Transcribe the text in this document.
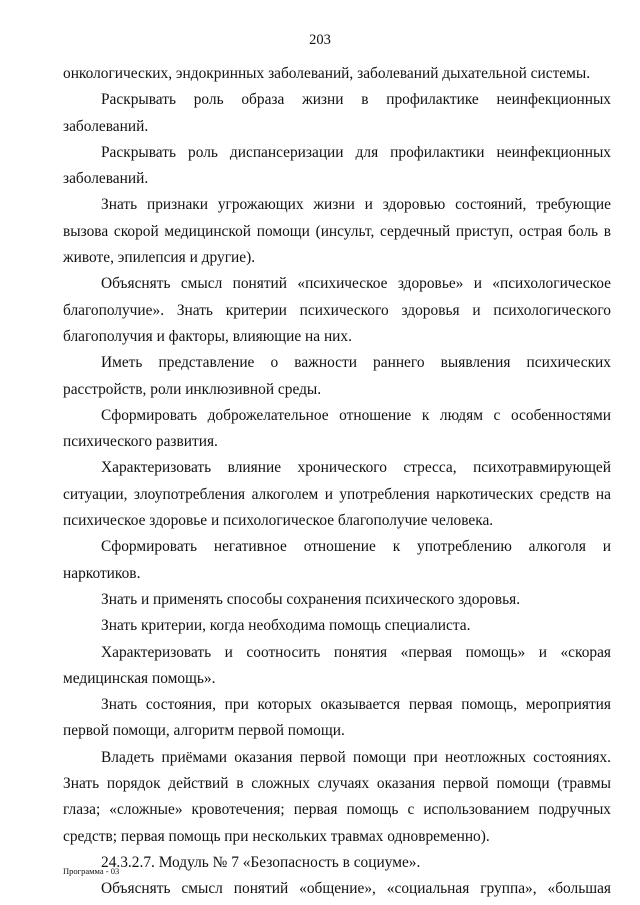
203

онкологических, эндокринных заболеваний, заболеваний дыхательной системы.

Раскрывать роль образа жизни в профилактике неинфекционных заболеваний.

Раскрывать роль диспансеризации для профилактики неинфекционных заболеваний.

Знать признаки угрожающих жизни и здоровью состояний, требующие вызова скорой медицинской помощи (инсульт, сердечный приступ, острая боль в животе, эпилепсия и другие).

Объяснять смысл понятий «психическое здоровье» и «психологическое благополучие». Знать критерии психического здоровья и психологического благополучия и факторы, влияющие на них.

Иметь представление о важности раннего выявления психических расстройств, роли инклюзивной среды.

Сформировать доброжелательное отношение к людям с особенностями психического развития.

Характеризовать влияние хронического стресса, психотравмирующей ситуации, злоупотребления алкоголем и употребления наркотических средств на психическое здоровье и психологическое благополучие человека.

Сформировать негативное отношение к употреблению алкоголя и наркотиков.

Знать и применять способы сохранения психического здоровья.

Знать критерии, когда необходима помощь специалиста.

Характеризовать и соотносить понятия «первая помощь» и «скорая медицинская помощь».

Знать состояния, при которых оказывается первая помощь, мероприятия первой помощи, алгоритм первой помощи.

Владеть приёмами оказания первой помощи при неотложных состояниях. Знать порядок действий в сложных случаях оказания первой помощи (травмы глаза; «сложные» кровотечения; первая помощь с использованием подручных средств; первая помощь при нескольких травмах одновременно).

24.3.2.7. Модуль № 7 «Безопасность в социуме».

Объяснять смысл понятий «общение», «социальная группа», «большая

Программа - 03
